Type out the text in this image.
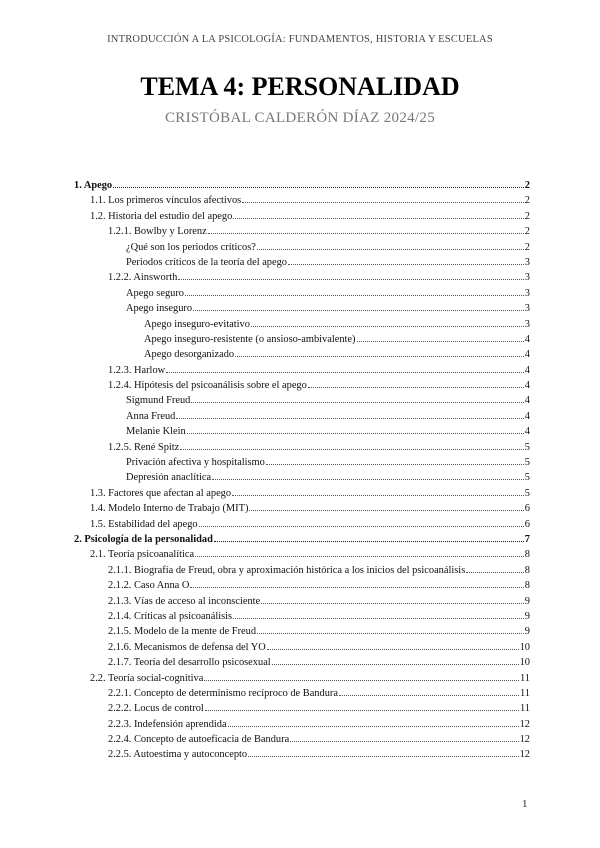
INTRODUCCIÓN A LA PSICOLOGÍA: FUNDAMENTOS, HISTORIA Y ESCUELAS
TEMA 4: PERSONALIDAD
CRISTÓBAL CALDERÓN DÍAZ 2024/25
1. Apego	2
1.1. Los primeros vínculos afectivos	2
1.2. Historia del estudio del apego	2
1.2.1. Bowlby y Lorenz	2
¿Qué son los periodos críticos?	2
Periodos críticos de la teoría del apego	3
1.2.2. Ainsworth	3
Apego seguro	3
Apego inseguro	3
Apego inseguro-evitativo	3
Apego inseguro-resistente (o ansioso-ambivalente)	4
Apego desorganizado	4
1.2.3. Harlow	4
1.2.4. Hipótesis del psicoanálisis sobre el apego	4
Sigmund Freud	4
Anna Freud	4
Melanie Klein	4
1.2.5. René Spitz	5
Privación afectiva y hospitalismo	5
Depresión anaclítica	5
1.3. Factores que afectan al apego	5
1.4. Modelo Interno de Trabajo (MIT)	6
1.5. Estabilidad del apego	6
2. Psicología de la personalidad	7
2.1. Teoría psicoanalítica	8
2.1.1. Biografía de Freud, obra y aproximación histórica a los inicios del psicoanálisis	8
2.1.2. Caso Anna O	8
2.1.3. Vías de acceso al inconsciente	9
2.1.4. Críticas al psicoanálisis	9
2.1.5. Modelo de la mente de Freud	9
2.1.6. Mecanismos de defensa del YO	10
2.1.7. Teoría del desarrollo psicosexual	10
2.2. Teoría social-cognitiva	11
2.2.1. Concepto de determinismo recíproco de Bandura	11
2.2.2. Locus de control	11
2.2.3. Indefensión aprendida	12
2.2.4. Concepto de autoeficacia de Bandura	12
2.2.5. Autoestima y autoconcepto	12
1
